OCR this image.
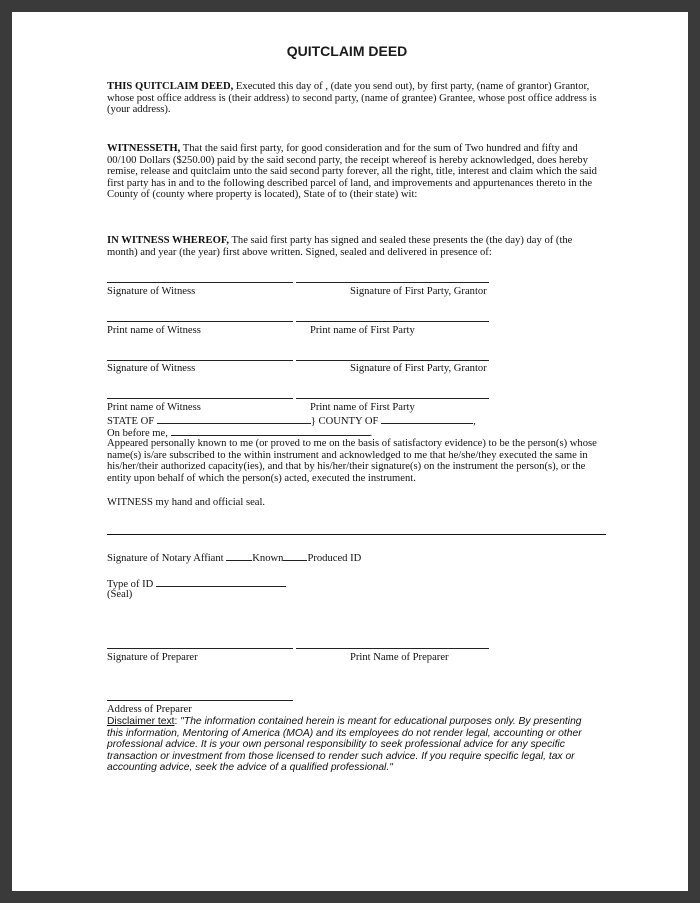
QUITCLAIM DEED
THIS QUITCLAIM DEED, Executed this day of , (date you send out), by first party, (name of grantor) Grantor, whose post office address is (their address) to second party, (name of grantee) Grantee, whose post office address is (your address).
WITNESSETH, That the said first party, for good consideration and for the sum of Two hundred and fifty and 00/100 Dollars ($250.00) paid by the said second party, the receipt whereof is hereby acknowledged, does hereby remise, release and quitclaim unto the said second party forever, all the right, title, interest and claim which the said first party has in and to the following described parcel of land, and improvements and appurtenances thereto in the County of (county where property is located), State of to (their state) wit:
IN WITNESS WHEREOF, The said first party has signed and sealed these presents the (the day) day of (the month) and year (the year) first above written. Signed, sealed and delivered in presence of:
Signature of Witness	Signature of First Party, Grantor
Print name of Witness	Print name of First Party
Signature of Witness	Signature of First Party, Grantor
Print name of Witness	Print name of First Party
STATE OF	} COUNTY OF	,
On before me,	.
Appeared personally known to me (or proved to me on the basis of satisfactory evidence) to be the person(s) whose name(s) is/are subscribed to the within instrument and acknowledged to me that he/she/they executed the same in his/her/their authorized capacity(ies), and that by his/her/their signature(s) on the instrument the person(s), or the entity upon behalf of which the person(s) acted, executed the instrument.
WITNESS my hand and official seal.
Signature of Notary Affiant	Known Produced ID
Type of ID
(Seal)
Signature of Preparer	Print Name of Preparer
Address of Preparer
Disclaimer text: "The information contained herein is meant for educational purposes only. By presenting this information, Mentoring of America (MOA) and its employees do not render legal, accounting or other professional advice. It is your own personal responsibility to seek professional advice for any specific transaction or investment from those licensed to render such advice. If you require specific legal, tax or accounting advice, seek the advice of a qualified professional."
